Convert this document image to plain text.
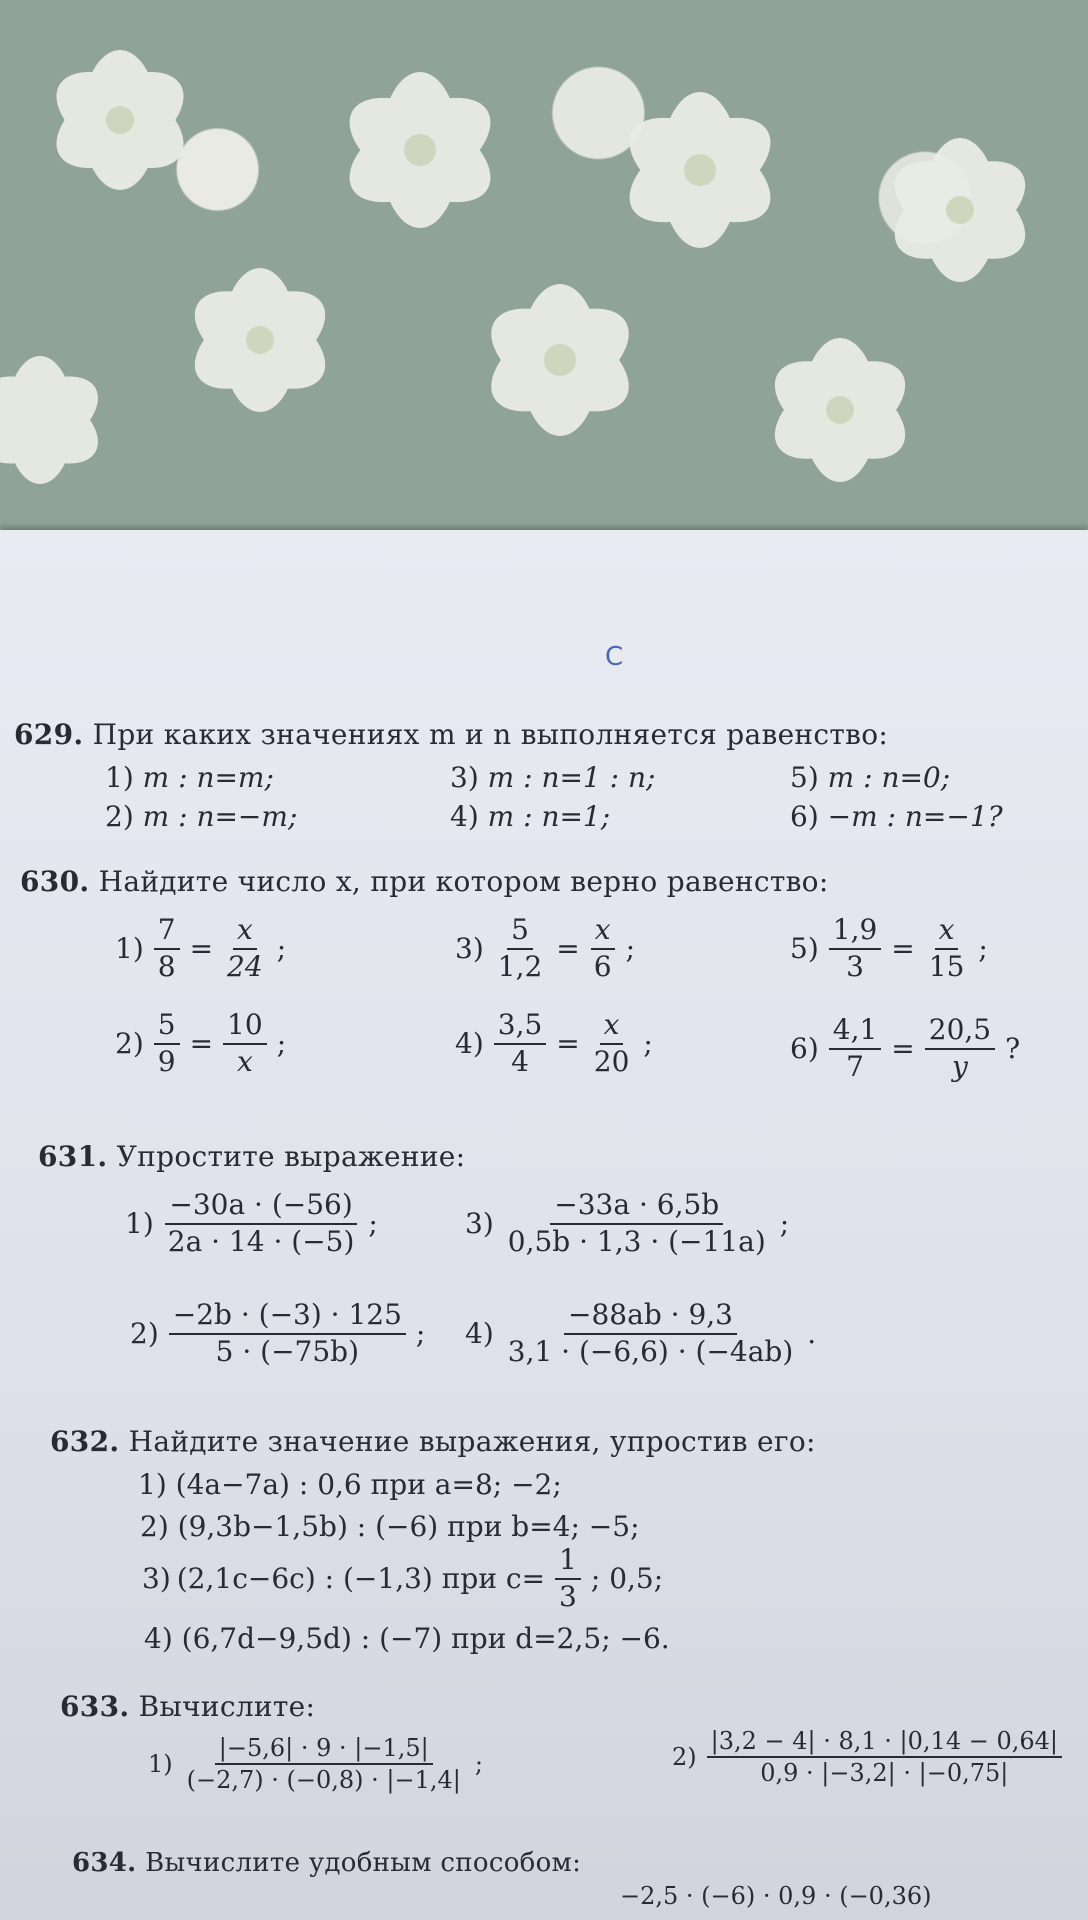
С
629. При каких значениях m и n выполняется равенство:
1) m : n=m;
2) m : n=−m;
3) m : n=1 : n;
4) m : n=1;
5) m : n=0;
6) −m : n=−1?
630. Найдите число x, при котором верно равенство:
$1) \frac{7}{8} = \frac{x}{24}$ ;
$2) \frac{5}{9} = \frac{10}{x}$ ;
$3) \frac{5}{1,2} = \frac{x}{6}$ ;
$4) \frac{3,5}{4} = \frac{x}{20}$ ;
$5) \frac{1,9}{3} = \frac{x}{15}$ ;
$6) \frac{4,1}{7} = \frac{20,5}{y}$ ?
631. Упростите выражение:
$1) \frac{-30a \cdot (-56)}{2a \cdot 14 \cdot (-5)}$ ;
$2) \frac{-2b \cdot (-3) \cdot 125}{5 \cdot (-75b)}$ ;
$3) \frac{-33a \cdot 6,5b}{0,5b \cdot 1,3 \cdot (-11a)}$ ;
$4) \frac{-88ab \cdot 9,3}{3,1 \cdot (-6,6) \cdot (-4ab)}$ .
632. Найдите значение выражения, упростив его:
1) (4a−7a) : 0,6 при a=8; −2;
2) (9,3b−1,5b) : (−6) при b=4; −5;
3) (2,1c−6c) : (−1,3) при $c= \frac{1}{3}$ ; 0,5;
4) (6,7d−9,5d) : (−7) при d=2,5; −6.
633. Вычислите:
$1) \frac{|-5,6| \cdot 9 \cdot |-1,5|}{(-2,7) \cdot (-0,8) \cdot |-1,4|}$ ;	$2) \frac{|3,2 - 4| \cdot 8,1 \cdot |0,14 - 0,64|}{0,9 \cdot |-3,2| \cdot |-0,75|}$
634. Вычислите удобным способом:
−2,5 · (−6) · 0,9 · (−0,36)
